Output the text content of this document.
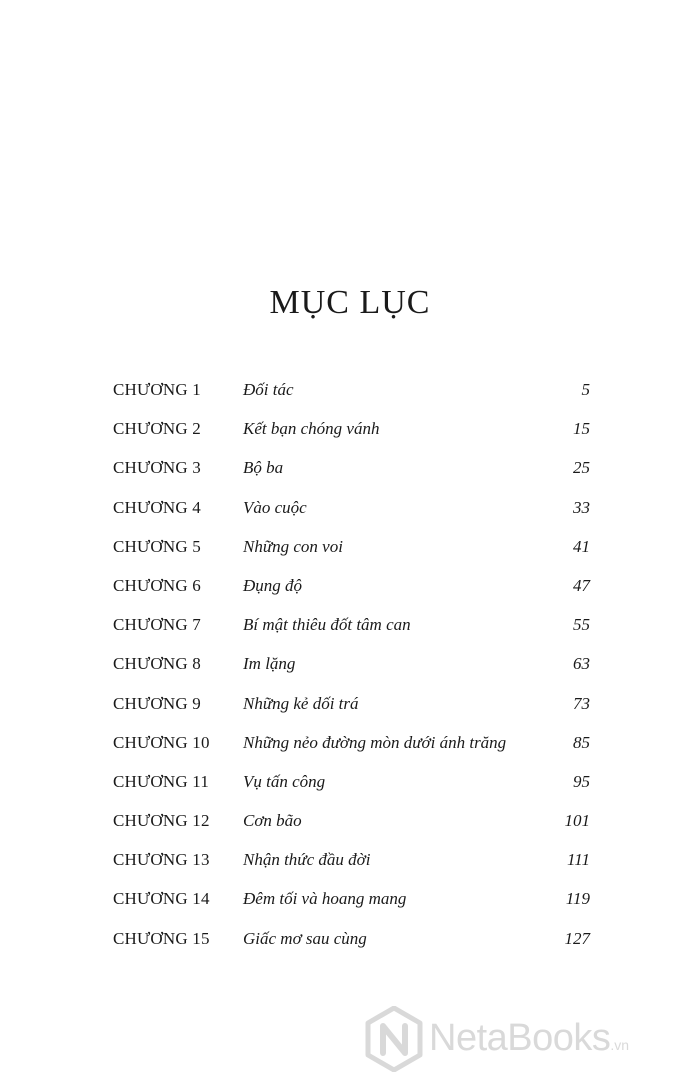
MỤC LỤC
CHƯƠNG 1 Đối tác	5
CHƯƠNG 2 Kết bạn chóng vánh	15
CHƯƠNG 3 Bộ ba	25
CHƯƠNG 4 Vào cuộc	33
CHƯƠNG 5 Những con voi	41
CHƯƠNG 6 Đụng độ	47
CHƯƠNG 7 Bí mật thiêu đốt tâm can	55
CHƯƠNG 8 Im lặng	63
CHƯƠNG 9 Những kẻ dối trá	73
CHƯƠNG 10 Những nẻo đường mòn dưới ánh trăng	85
CHƯƠNG 11 Vụ tấn công	95
CHƯƠNG 12 Cơn bão	101
CHƯƠNG 13 Nhận thức đầu đời	111
CHƯƠNG 14 Đêm tối và hoang mang	119
CHƯƠNG 15 Giấc mơ sau cùng	127
NetaBooks.vn
